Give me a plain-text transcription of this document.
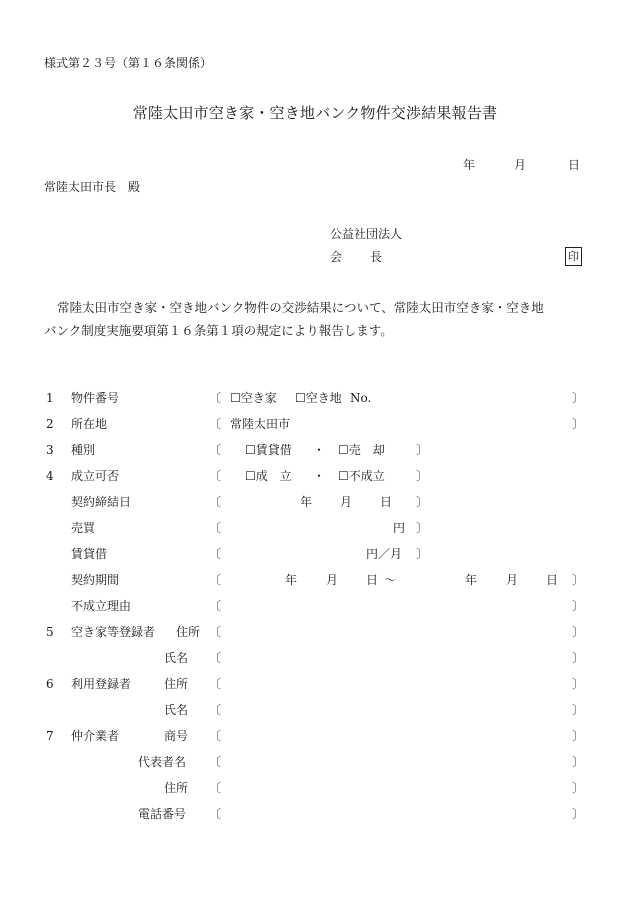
様式第２３号（第１６条関係）
常陸太田市空き家・空き地バンク物件交渉結果報告書
年	月	日
常陸太田市長　殿
公益社団法人
会 長	印
常陸太田市空き家・空き地バンク物件の交渉結果について、常陸太田市空き家・空き地
バンク制度実施要項第１６条第１項の規定により報告します。
1 物件番号	〔 ☐空き家 ☐空き地 No.	〕
2 所在地	〔 常陸太田市	〕
3 種別	〔 ☐賃貸借 ・ ☐売　却	〕
4 成立可否	〔 ☐成　立 ・ ☐不成立	〕
契約締結日	〔	年 月 日 〕
売買	〔	円 〕
賃貸借	〔	円／月 〕
契約期間	〔	年 月 日 ～	年 月 日 〕
不成立理由	〔	〕
5 空き家等登録者 住所 〔	〕
氏名 〔	〕
6 利用登録者	住所 〔	〕
氏名 〔	〕
7 仲介業者	商号 〔	〕
代表者名 〔	〕
住所 〔	〕
電話番号 〔	〕
